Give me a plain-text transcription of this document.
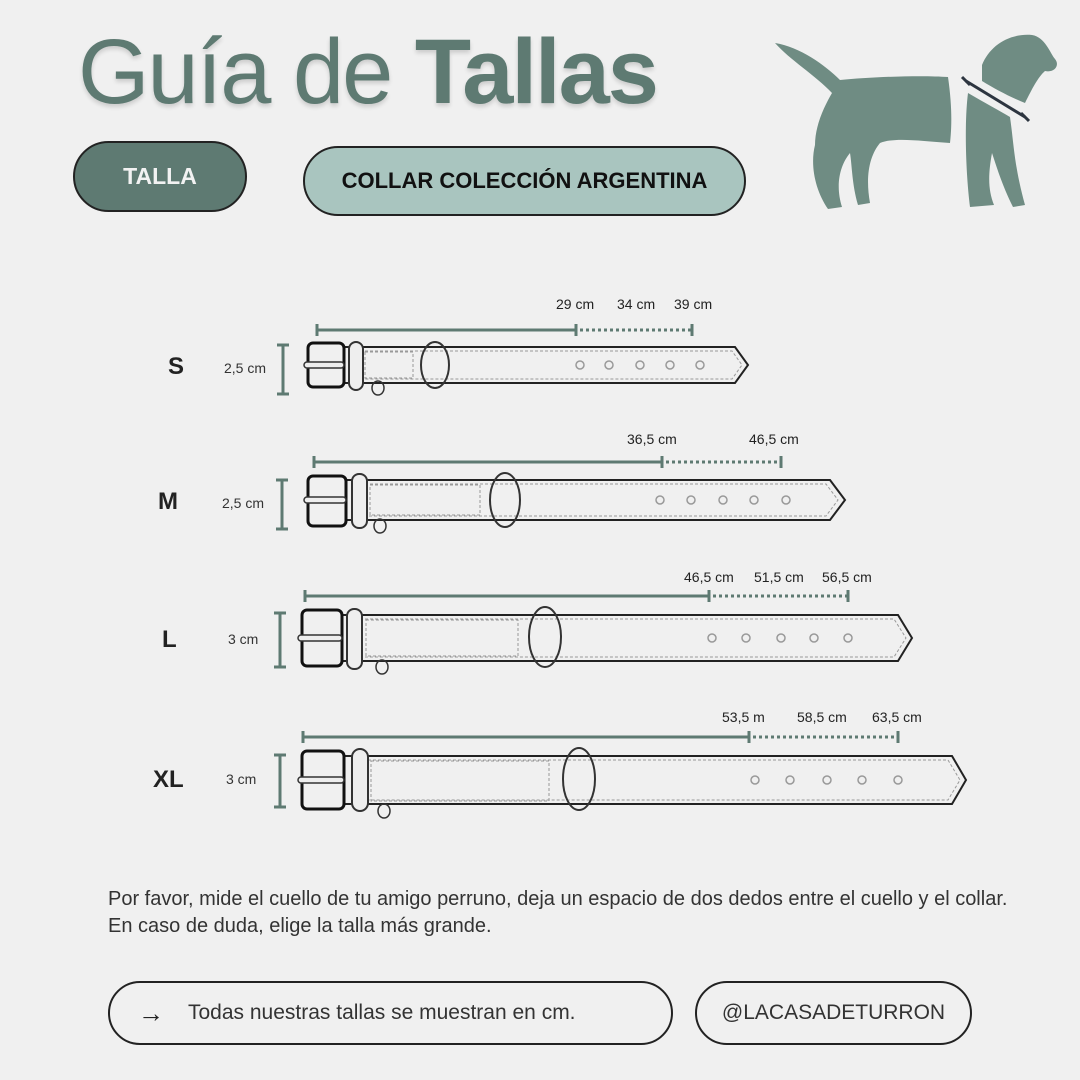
Guía de Tallas
TALLA	COLLAR COLECCIÓN ARGENTINA
S	2,5 cm
29 cm 34 cm 39 cm
M	2,5 cm
36,5 cm	46,5 cm
L	3 cm
46,5 cm 51,5 cm 56,5 cm
XL	3 cm
53,5 m 58,5 cm 63,5 cm
Por favor, mide el cuello de tu amigo perruno, deja un espacio de dos dedos entre el cuello y el collar.
En caso de duda, elige la talla más grande.
→ Todas nuestras tallas se muestran en cm.	@LACASADETURRON
